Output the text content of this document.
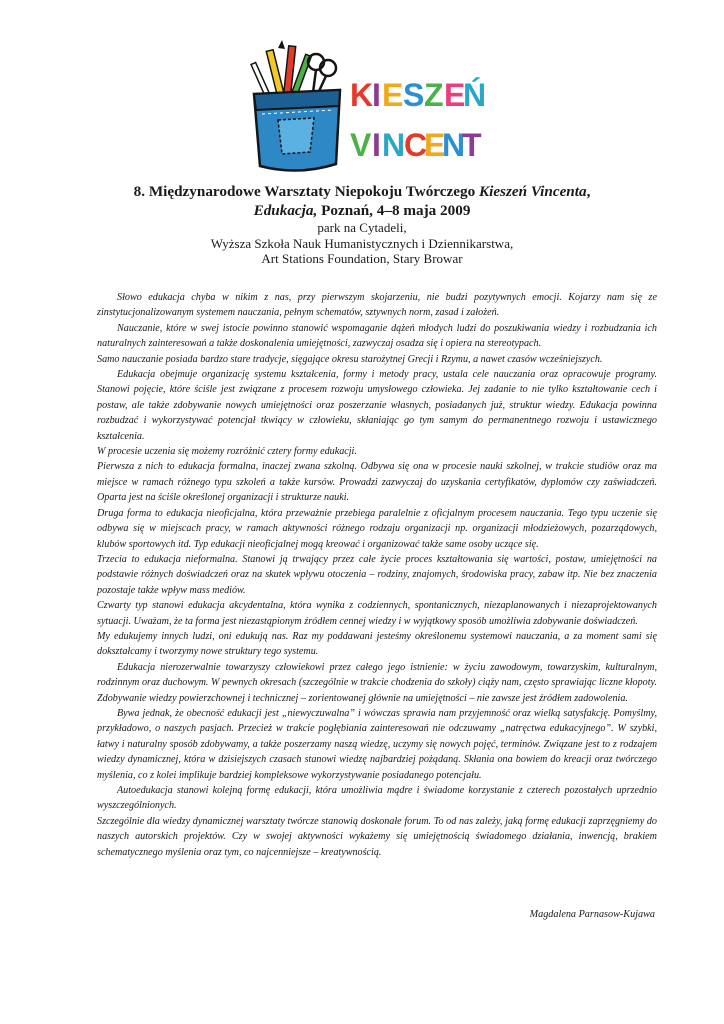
K
I E S Z E
Ń
V I N
C
E
N
T

8. Międzynarodowe Warsztaty Niepokoju Twórczego Kieszeń Vincenta,
Edukacja, Poznań, 4–8 maja 2009

park na Cytadeli,

Wyższa Szkoła Nauk Humanistycznych i Dziennikarstwa,

Art Stations Foundation, Stary Browar

Słowo edukacja chyba w nikim z nas, przy pierwszym skojarzeniu, nie budzi pozytywnych emocji. Kojarzy nam się ze zinstytucjonalizowanym systemem nauczania, pełnym schematów, sztywnych norm, zasad i założeń.

Nauczanie, które w swej istocie powinno stanowić wspomaganie dążeń młodych ludzi do poszukiwania wiedzy i rozbudzania ich naturalnych zainteresowań a także doskonalenia umiejętności, zazwyczaj osadza się i opiera na stereotypach.

Samo nauczanie posiada bardzo stare tradycje, sięgające okresu starożytnej Grecji i Rzymu, a nawet czasów wcześniejszych.

Edukacja obejmuje organizację systemu kształcenia, formy i metody pracy, ustala cele nauczania oraz opracowuje programy. Stanowi pojęcie, które ściśle jest związane z procesem rozwoju umysłowego człowieka. Jej zadanie to nie tylko kształtowanie cech i postaw, ale także zdobywanie nowych umiejętności oraz poszerzanie własnych, posiadanych już, struktur wiedzy. Edukacja powinna rozbudzać i wykorzystywać potencjał tkwiący w człowieku, skłaniając go tym samym do permanentnego rozwoju i ustawicznego kształcenia.

W procesie uczenia się możemy rozróżnić cztery formy edukacji.

Pierwsza z nich to edukacja formalna, inaczej zwana szkolną. Odbywa się ona w procesie nauki szkolnej, w trakcie studiów oraz ma miejsce w ramach różnego typu szkoleń a także kursów. Prowadzi zazwyczaj do uzyskania certyfikatów, dyplomów czy zaświadczeń. Oparta jest na ściśle określonej organizacji i strukturze nauki.

Druga forma to edukacja nieoficjalna, która przeważnie przebiega paralelnie z oficjalnym procesem nauczania. Tego typu uczenie się odbywa się w miejscach pracy, w ramach aktywności różnego rodzaju organizacji np. organizacji młodzieżowych, pozarządowych, klubów sportowych itd. Typ edukacji nieoficjalnej mogą kreować i organizować także same osoby uczące się.

Trzecia to edukacja nieformalna. Stanowi ją trwający przez całe życie proces kształtowania się wartości, postaw, umiejętności na podstawie różnych doświadczeń oraz na skutek wpływu otoczenia – rodziny, znajomych, środowiska pracy, zabaw itp. Nie bez znaczenia pozostaje także wpływ mass mediów.

Czwarty typ stanowi edukacja akcydentalna, która wynika z codziennych, spontanicznych, niezaplanowanych i niezaprojektowanych sytuacji. Uważam, że ta forma jest niezastąpionym źródłem cennej wiedzy i w wyjątkowy sposób umożliwia zdobywanie doświadczeń.

My edukujemy innych ludzi, oni edukują nas. Raz my poddawani jesteśmy określonemu systemowi nauczania, a za moment sami się dokształcamy i tworzymy nowe struktury tego systemu.

Edukacja nierozerwalnie towarzyszy człowiekowi przez całego jego istnienie: w życiu zawodowym, towarzyskim, kulturalnym, rodzinnym oraz duchowym. W pewnych okresach (szczególnie w trakcie chodzenia do szkoły) ciąży nam, często sprawiając liczne kłopoty. Zdobywanie wiedzy powierzchownej i technicznej – zorientowanej głównie na umiejętności – nie zawsze jest źródłem zadowolenia.

Bywa jednak, że obecność edukacji jest „niewyczuwalna” i wówczas sprawia nam przyjemność oraz wielką satysfakcję. Pomyślmy, przykładowo, o naszych pasjach. Przecież w trakcie pogłębiania zainteresowań nie odczuwamy „natręctwa edukacyjnego”. W szybki, łatwy i naturalny sposób zdobywamy, a także poszerzamy naszą wiedzę, uczymy się nowych pojęć, terminów. Związane jest to z rodzajem wiedzy dynamicznej, która w dzisiejszych czasach stanowi wiedzę najbardziej pożądaną. Skłania ona bowiem do kreacji oraz twórczego myślenia, co z kolei implikuje bardziej kompleksowe wykorzystywanie posiadanego potencjału.

Autoedukacja stanowi kolejną formę edukacji, która umożliwia mądre i świadome korzystanie z czterech pozostałych uprzednio wyszczególnionych.

Szczególnie dla wiedzy dynamicznej warsztaty twórcze stanowią doskonałe forum. To od nas zależy, jaką formę edukacji zaprzęgniemy do naszych autorskich projektów. Czy w swojej aktywności wykażemy się umiejętnością świadomego działania, inwencją, brakiem schematycznego myślenia oraz tym, co najcenniejsze – kreatywnością.

Magdalena Parnasow-Kujawa
